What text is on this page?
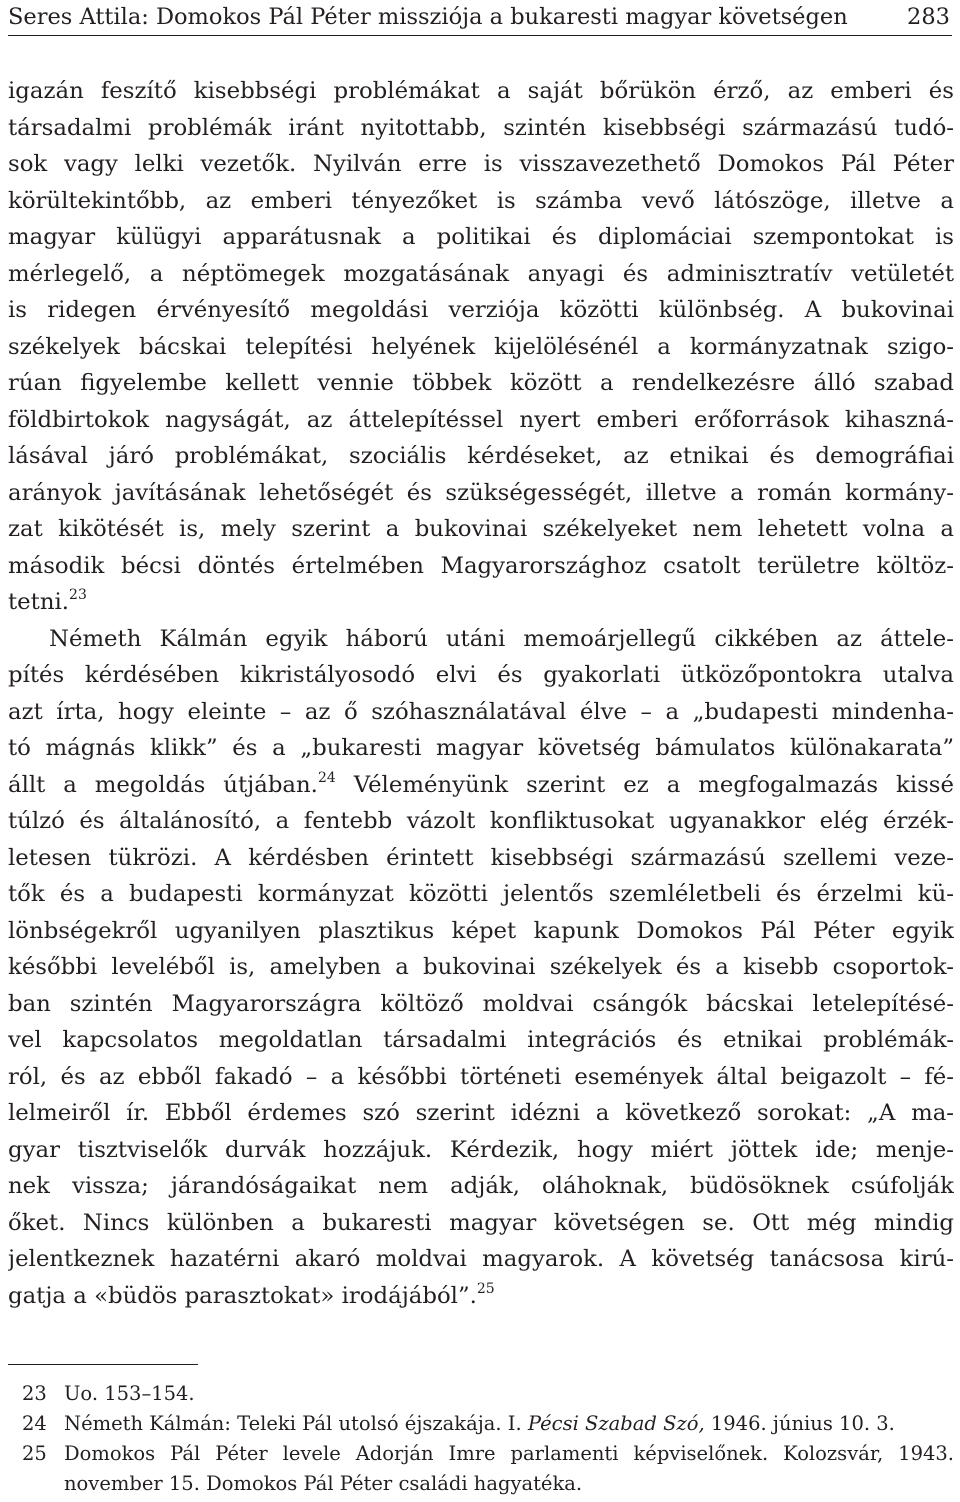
Seres Attila: Domokos Pál Péter missziója a bukaresti magyar követségen	283
igazán feszítő kisebbségi problémákat a saját bőrükön érző, az emberi és
társadalmi problémák iránt nyitottabb, szintén kisebbségi származású tudó-
sok vagy lelki vezetők. Nyilván erre is visszavezethető Domokos Pál Péter
körültekintőbb, az emberi tényezőket is számba vevő látószöge, illetve a
magyar külügyi apparátusnak a politikai és diplomáciai szempontokat is
mérlegelő, a néptömegek mozgatásának anyagi és adminisztratív vetületét
is ridegen érvényesítő megoldási verziója közötti különbség. A bukovinai
székelyek bácskai telepítési helyének kijelölésénél a kormányzatnak szigo-
rúan figyelembe kellett vennie többek között a rendelkezésre álló szabad
földbirtokok nagyságát, az áttelepítéssel nyert emberi erőforrások kihaszná-
lásával járó problémákat, szociális kérdéseket, az etnikai és demográfiai
arányok javításának lehetőségét és szükségességét, illetve a román kormány-
zat kikötését is, mely szerint a bukovinai székelyeket nem lehetett volna a
második bécsi döntés értelmében Magyarországhoz csatolt területre költöz-
tetni.$^{23}$
Németh Kálmán egyik háború utáni memoárjellegű cikkében az áttele-
pítés kérdésében kikristályosodó elvi és gyakorlati ütközőpontokra utalva
azt írta, hogy eleinte – az ő szóhasználatával élve – a „budapesti mindenha-
tó mágnás klikk” és a „bukaresti magyar követség bámulatos különakarata”
állt a megoldás útjában.$^{24}$ Véleményünk szerint ez a megfogalmazás kissé
túlzó és általánosító, a fentebb vázolt konfliktusokat ugyanakkor elég érzék-
letesen tükrözi. A kérdésben érintett kisebbségi származású szellemi veze-
tők és a budapesti kormányzat közötti jelentős szemléletbeli és érzelmi kü-
lönbségekről ugyanilyen plasztikus képet kapunk Domokos Pál Péter egyik
későbbi leveléből is, amelyben a bukovinai székelyek és a kisebb csoportok-
ban szintén Magyarországra költöző moldvai csángók bácskai letelepítésé-
vel kapcsolatos megoldatlan társadalmi integrációs és etnikai problémák-
ról, és az ebből fakadó – a későbbi történeti események által beigazolt – fé-
lelmeiről ír. Ebből érdemes szó szerint idézni a következő sorokat: „A ma-
gyar tisztviselők durvák hozzájuk. Kérdezik, hogy miért jöttek ide; menje-
nek vissza; járandóságaikat nem adják, oláhoknak, büdösöknek csúfolják
őket. Nincs különben a bukaresti magyar követségen se. Ott még mindig
jelentkeznek hazatérni akaró moldvai magyarok. A követség tanácsosa kirú-
gatja a «büdös parasztokat» irodájából”.$^{25}$
23 Uo. 153–154.
24 Németh Kálmán: Teleki Pál utolsó éjszakája. I. Pécsi Szabad Szó, 1946. június 10. 3.
25 Domokos Pál Péter levele Adorján Imre parlamenti képviselőnek. Kolozsvár, 1943.
november 15. Domokos Pál Péter családi hagyatéka.
